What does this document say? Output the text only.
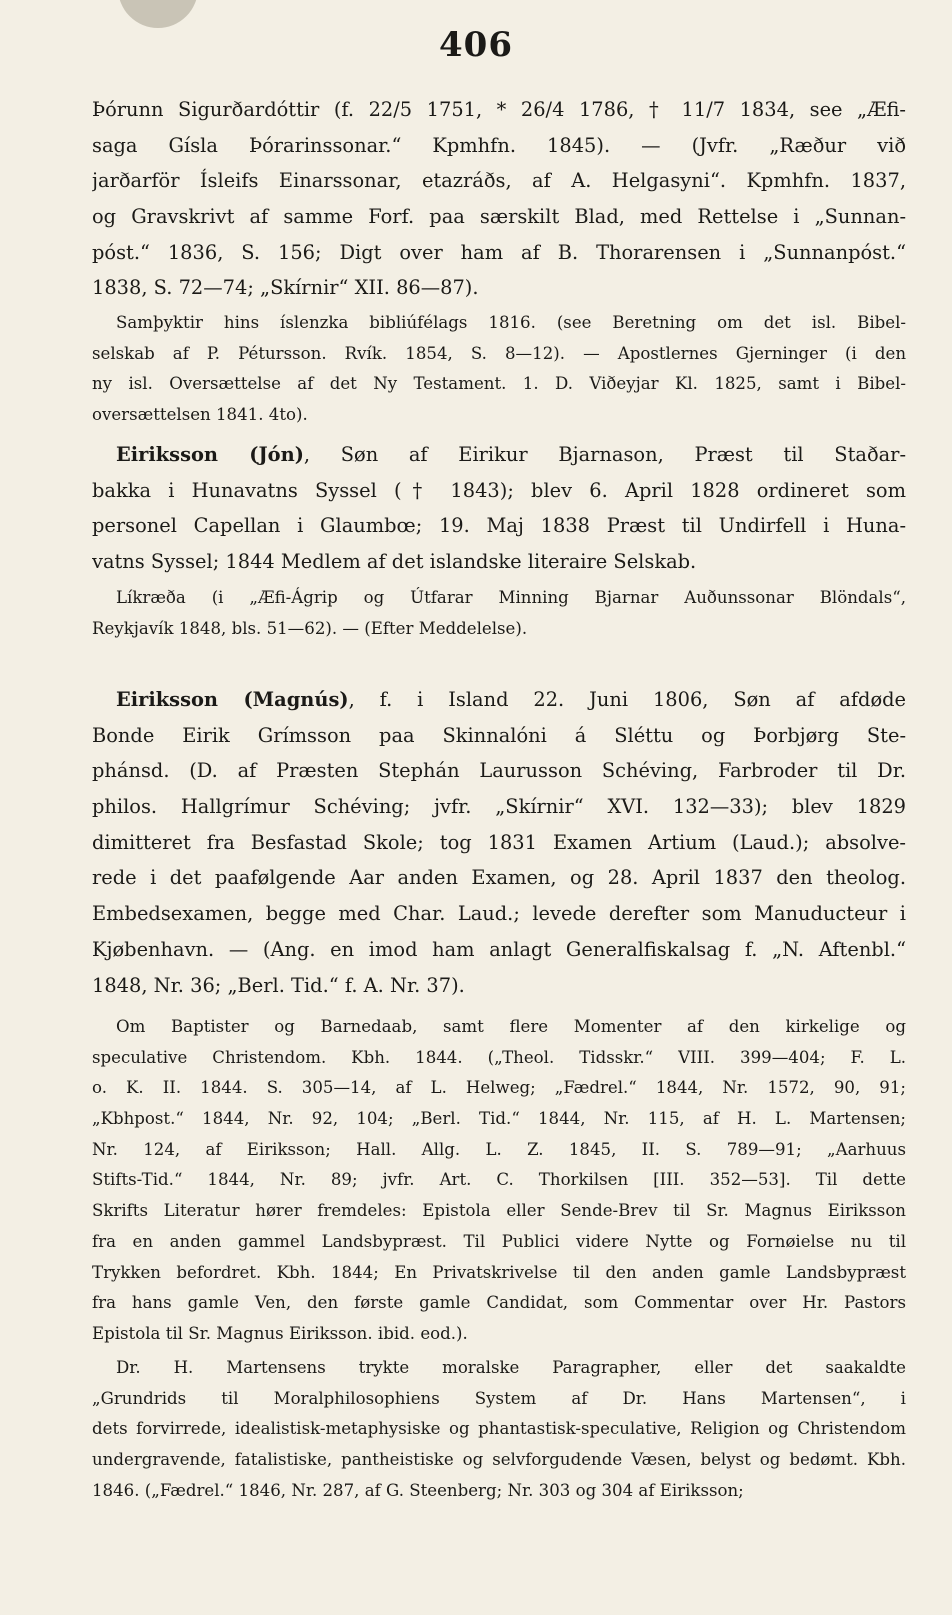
406
Þórunn Sigurðardóttir (f. 22/5 1751, * 26/4 1786, † 11/7 1834, see „Æfi-
saga Gísla Þórarinssonar.“ Kpmhfn. 1845). — (Jvfr. „Ræður við
jarðarför Ísleifs Einarssonar, etazráðs, af A. Helgasyni“. Kpmhfn. 1837,
og Gravskrivt af samme Forf. paa særskilt Blad, med Rettelse i „Sunnan-
póst.“ 1836, S. 156; Digt over ham af B. Thorarensen i „Sunnanpóst.“
1838, S. 72—74; „Skírnir“ XII. 86—87).
Samþyktir hins íslenzka bibliúfélags 1816. (see Beretning om det isl. Bibel-
selskab af P. Pétursson. Rvík. 1854, S. 8—12). — Apostlernes Gjerninger (i den
ny isl. Oversættelse af det Ny Testament. 1. D. Viðeyjar Kl. 1825, samt i Bibel-
oversættelsen 1841. 4to).
Eiriksson (Jón), Søn af Eirikur Bjarnason, Præst til Staðar-
bakka i Hunavatns Syssel († 1843); blev 6. April 1828 ordineret som
personel Capellan i Glaumbœ; 19. Maj 1838 Præst til Undirfell i Huna-
vatns Syssel; 1844 Medlem af det islandske literaire Selskab.
Líkræða (i „Æfi-Ágrip og Útfarar Minning Bjarnar Auðunssonar Blöndals“,
Reykjavík 1848, bls. 51—62). — (Efter Meddelelse).
Eiriksson (Magnús), f. i Island 22. Juni 1806, Søn af afdøde
Bonde Eirik Grímsson paa Skinnalóni á Sléttu og Þorbjørg Ste-
phánsd. (D. af Præsten Stephán Laurusson Schéving, Farbroder til Dr.
philos. Hallgrímur Schéving; jvfr. „Skírnir“ XVI. 132—33); blev 1829
dimitteret fra Besfastad Skole; tog 1831 Examen Artium (Laud.); absolve-
rede i det paafølgende Aar anden Examen, og 28. April 1837 den theolog.
Embedsexamen, begge med Char. Laud.; levede derefter som Manuducteur i
Kjøbenhavn. — (Ang. en imod ham anlagt Generalfiskalsag f. „N. Aftenbl.“
1848, Nr. 36; „Berl. Tid.“ f. A. Nr. 37).
Om Baptister og Barnedaab, samt flere Momenter af den kirkelige og
speculative Christendom. Kbh. 1844. („Theol. Tidsskr.“ VIII. 399—404; F. L.
o. K. II. 1844. S. 305—14, af L. Helweg; „Fædrel.“ 1844, Nr. 1572, 90, 91;
„Kbhpost.“ 1844, Nr. 92, 104; „Berl. Tid.“ 1844, Nr. 115, af H. L. Martensen;
Nr. 124, af Eiriksson; Hall. Allg. L. Z. 1845, II. S. 789—91; „Aarhuus
Stifts-Tid.“ 1844, Nr. 89; jvfr. Art. C. Thorkilsen [III. 352—53]. Til dette
Skrifts Literatur hører fremdeles: Epistola eller Sende-Brev til Sr. Magnus Eiriksson
fra en anden gammel Landsbypræst. Til Publici videre Nytte og Fornøielse nu til
Trykken befordret. Kbh. 1844; En Privatskrivelse til den anden gamle Landsbypræst
fra hans gamle Ven, den første gamle Candidat, som Commentar over Hr. Pastors
Epistola til Sr. Magnus Eiriksson. ibid. eod.).
Dr. H. Martensens trykte moralske Paragrapher, eller det saakaldte
„Grundrids til Moralphilosophiens System af Dr. Hans Martensen“, i
dets forvirrede, idealistisk-metaphysiske og phantastisk-speculative, Religion og Christendom
undergravende, fatalistiske, pantheistiske og selvforgudende Væsen, belyst og bedømt. Kbh.
1846. („Fædrel.“ 1846, Nr. 287, af G. Steenberg; Nr. 303 og 304 af Eiriksson;
